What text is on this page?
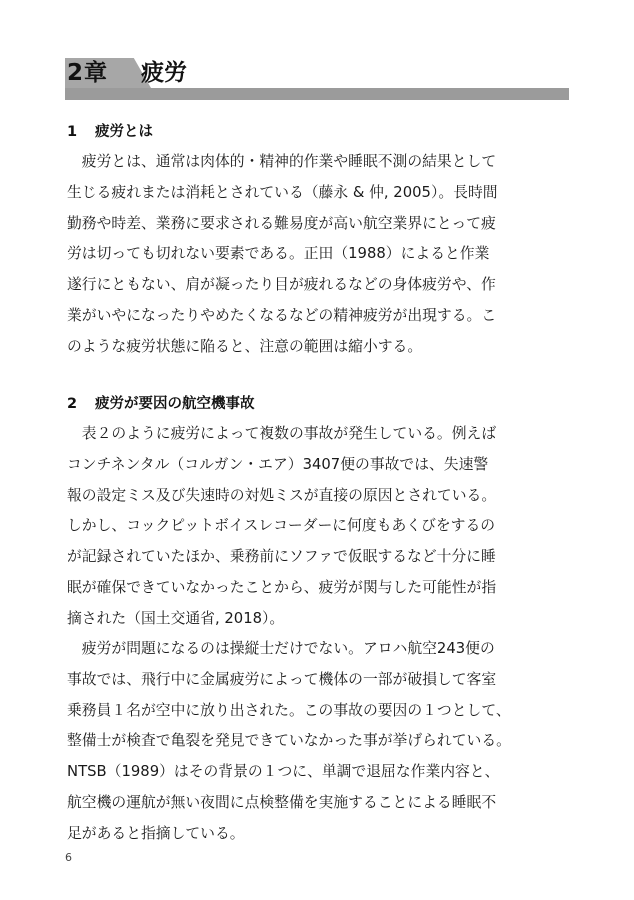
2章 疲労
1 疲労とは
　疲労とは、通常は肉体的・精神的作業や睡眠不測の結果として
生じる疲れまたは消耗とされている（藤永 & 仲, 2005）。長時間
勤務や時差、業務に要求される難易度が高い航空業界にとって疲
労は切っても切れない要素である。正田（1988）によると作業
遂行にともない、肩が凝ったり目が疲れるなどの身体疲労や、作
業がいやになったりやめたくなるなどの精神疲労が出現する。こ
のような疲労状態に陥ると、注意の範囲は縮小する。
2 疲労が要因の航空機事故
　表２のように疲労によって複数の事故が発生している。例えば
コンチネンタル（コルガン・エア）3407便の事故では、失速警
報の設定ミス及び失速時の対処ミスが直接の原因とされている。
しかし、コックピットボイスレコーダーに何度もあくびをするの
が記録されていたほか、乗務前にソファで仮眠するなど十分に睡
眠が確保できていなかったことから、疲労が関与した可能性が指
摘された（国土交通省, 2018）。
　疲労が問題になるのは操縦士だけでない。アロハ航空243便の
事故では、飛行中に金属疲労によって機体の一部が破損して客室
乗務員１名が空中に放り出された。この事故の要因の１つとして、
整備士が検査で亀裂を発見できていなかった事が挙げられている。
NTSB（1989）はその背景の１つに、単調で退屈な作業内容と、
航空機の運航が無い夜間に点検整備を実施することによる睡眠不
足があると指摘している。
6
